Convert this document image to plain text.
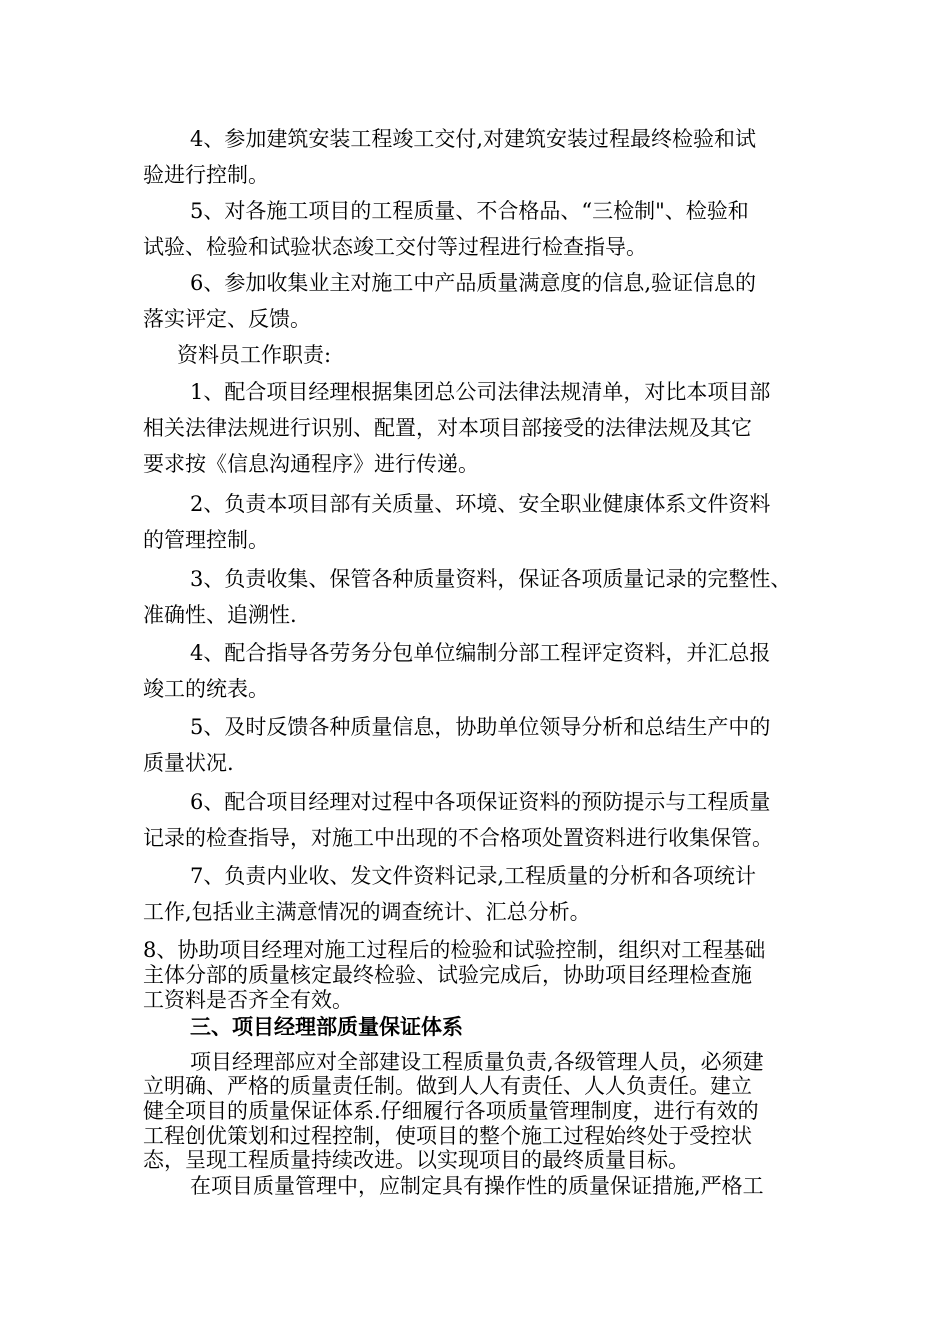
4、参加建筑安装工程竣工交付,对建筑安装过程最终检验和试
验进行控制。
5、对各施工项目的工程质量、不合格品、“三检制"、检验和
试验、检验和试验状态竣工交付等过程进行检查指导。
6、参加收集业主对施工中产品质量满意度的信息,验证信息的
落实评定、反馈。
资料员工作职责:
1、配合项目经理根据集团总公司法律法规清单，对比本项目部
相关法律法规进行识别、配置，对本项目部接受的法律法规及其它
要求按《信息沟通程序》进行传递。
2、负责本项目部有关质量、环境、安全职业健康体系文件资料
的管理控制。
3、负责收集、保管各种质量资料，保证各项质量记录的完整性、
准确性、追溯性.
4、配合指导各劳务分包单位编制分部工程评定资料，并汇总报
竣工的统表。
5、及时反馈各种质量信息，协助单位领导分析和总结生产中的
质量状况.
6、配合项目经理对过程中各项保证资料的预防提示与工程质量
记录的检查指导，对施工中出现的不合格项处置资料进行收集保管。
7、负责内业收、发文件资料记录,工程质量的分析和各项统计
工作,包括业主满意情况的调查统计、汇总分析。
8、协助项目经理对施工过程后的检验和试验控制，组织对工程基础
主体分部的质量核定最终检验、试验完成后，协助项目经理检查施
工资料是否齐全有效。
三、项目经理部质量保证体系
项目经理部应对全部建设工程质量负责,各级管理人员，必须建
立明确、严格的质量责任制。做到人人有责任、人人负责任。建立
健全项目的质量保证体系.仔细履行各项质量管理制度，进行有效的
工程创优策划和过程控制，使项目的整个施工过程始终处于受控状
态，呈现工程质量持续改进。以实现项目的最终质量目标。
在项目质量管理中，应制定具有操作性的质量保证措施,严格工
